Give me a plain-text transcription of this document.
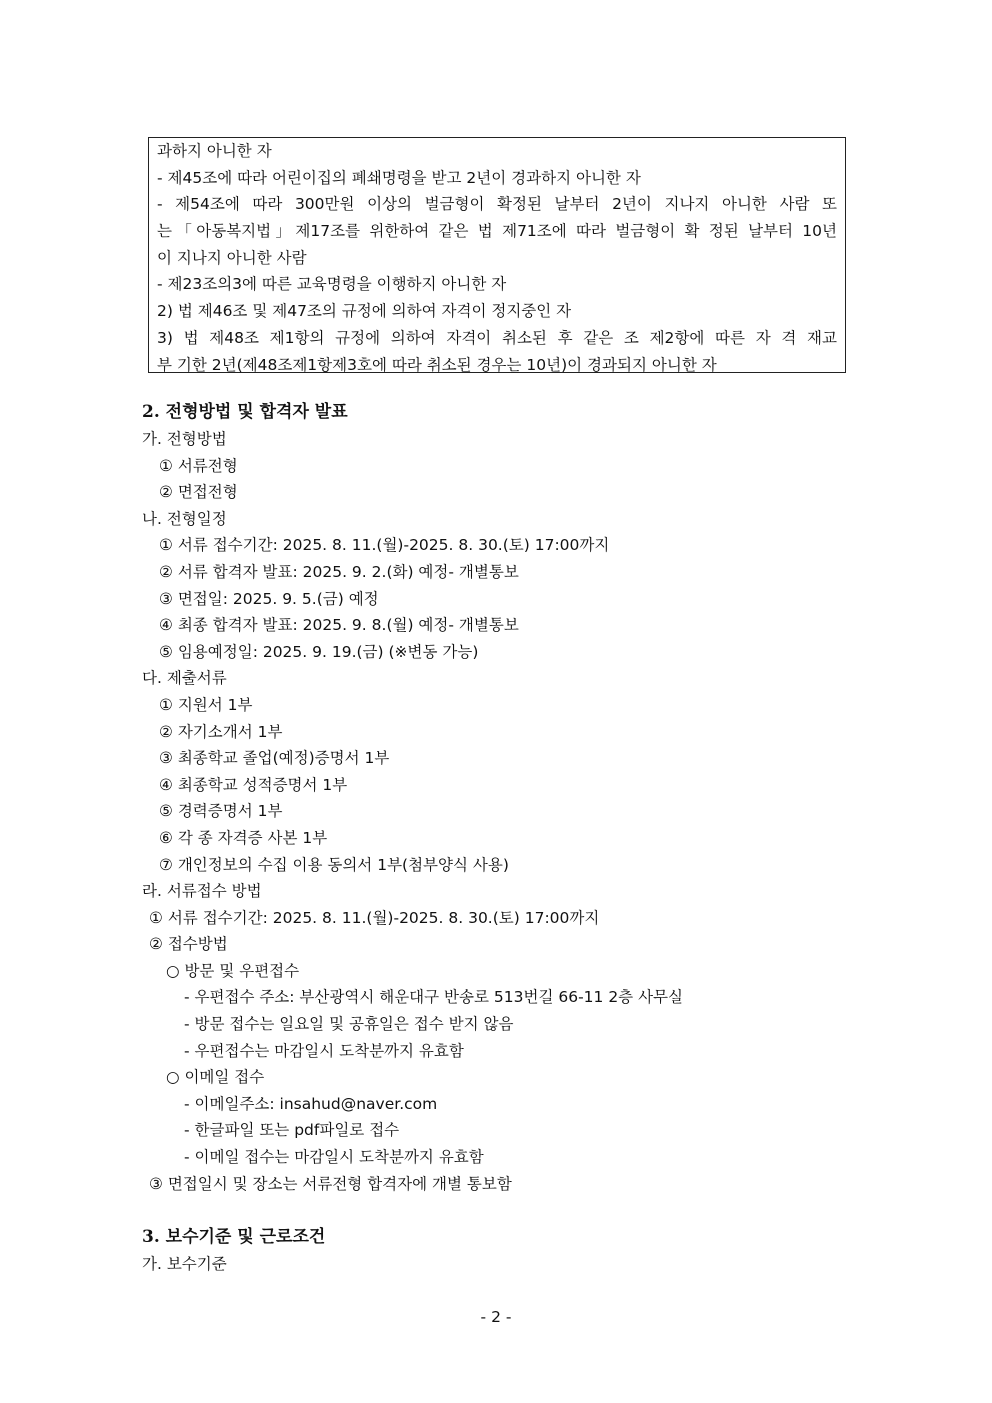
과하지 아니한 자
- 제45조에 따라 어린이집의 폐쇄명령을 받고 2년이 경과하지 아니한 자
- 제54조에 따라 300만원 이상의 벌금형이 확정된 날부터 2년이 지나지 아니한 사람 또
는「아동복지법」제17조를 위한하여 같은 법 제71조에 따라 벌금형이 확 정된 날부터 10년
이 지나지 아니한 사람
- 제23조의3에 따른 교육명령을 이행하지 아니한 자
2) 법 제46조 및 제47조의 규정에 의하여 자격이 정지중인 자
3) 법 제48조 제1항의 규정에 의하여 자격이 취소된 후 같은 조 제2항에 따른 자 격 재교
부 기한 2년(제48조제1항제3호에 따라 취소된 경우는 10년)이 경과되지 아니한 자
2. 전형방법 및 합격자 발표
가. 전형방법
① 서류전형
② 면접전형
나. 전형일정
① 서류 접수기간: 2025. 8. 11.(월)-2025. 8. 30.(토) 17:00까지
② 서류 합격자 발표: 2025. 9. 2.(화) 예정- 개별통보
③ 면접일: 2025. 9. 5.(금) 예정
④ 최종 합격자 발표: 2025. 9. 8.(월) 예정- 개별통보
⑤ 임용예정일: 2025. 9. 19.(금) (※변동 가능)
다. 제출서류
① 지원서 1부
② 자기소개서 1부
③ 최종학교 졸업(예정)증명서 1부
④ 최종학교 성적증명서 1부
⑤ 경력증명서 1부
⑥ 각 종 자격증 사본 1부
⑦ 개인정보의 수집 이용 동의서 1부(첨부양식 사용)
라. 서류접수 방법
① 서류 접수기간: 2025. 8. 11.(월)-2025. 8. 30.(토) 17:00까지
② 접수방법
○ 방문 및 우편접수
- 우편접수 주소: 부산광역시 해운대구 반송로 513번길 66-11 2층 사무실
- 방문 접수는 일요일 및 공휴일은 접수 받지 않음
- 우편접수는 마감일시 도착분까지 유효함
○ 이메일 접수
- 이메일주소: insahud@naver.com
- 한글파일 또는 pdf파일로 접수
- 이메일 접수는 마감일시 도착분까지 유효함
③ 면접일시 및 장소는 서류전형 합격자에 개별 통보함
3. 보수기준 및 근로조건
가. 보수기준
- 2 -
